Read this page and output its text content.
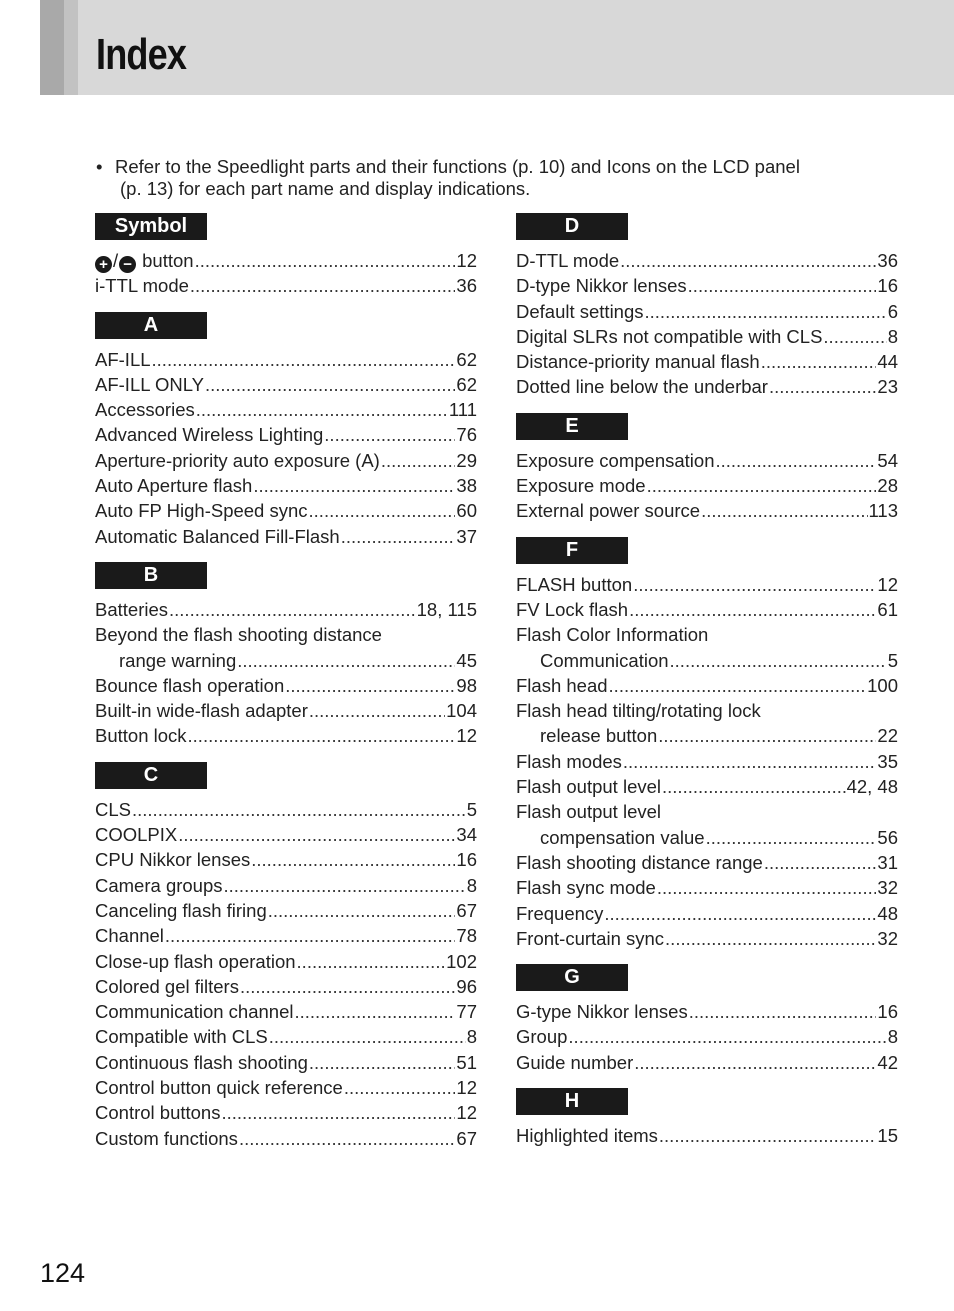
Index
• Refer to the Speedlight parts and their functions (p. 10) and Icons on the LCD panel
(p. 13) for each part name and display indications.
Symbol
+ / − button .....	12
i-TTL mode .....	36
A
AF-ILL .....	62
AF-ILL ONLY .....	62
Accessories .....	111
Advanced Wireless Lighting .....	76
Aperture-priority auto exposure (A) .....	29
Auto Aperture flash .....	38
Auto FP High-Speed sync .....	60
Automatic Balanced Fill-Flash .....	37
B
Batteries .....	18, 115
Beyond the flash shooting distance
range warning .....	45
Bounce flash operation .....	98
Built-in wide-flash adapter .....	104
Button lock .....	12
C
CLS .....	5
COOLPIX .....	34
CPU Nikkor lenses .....	16
Camera groups .....	8
Canceling flash firing .....	67
Channel .....	78
Close-up flash operation .....	102
Colored gel filters .....	96
Communication channel .....	77
Compatible with CLS .....	8
Continuous flash shooting .....	51
Control button quick reference .....	12
Control buttons .....	12
Custom functions .....	67
D
D-TTL mode .....	36
D-type Nikkor lenses .....	16
Default settings .....	6
Digital SLRs not compatible with CLS .....	8
Distance-priority manual flash .....	44
Dotted line below the underbar .....	23
E
Exposure compensation .....	54
Exposure mode .....	28
External power source .....	113
F
FLASH button .....	12
FV Lock flash .....	61
Flash Color Information
Communication .....	5
Flash head .....	100
Flash head tilting/rotating lock
release button .....	22
Flash modes .....	35
Flash output level .....	42, 48
Flash output level
compensation value .....	56
Flash shooting distance range .....	31
Flash sync mode .....	32
Frequency .....	48
Front-curtain sync .....	32
G
G-type Nikkor lenses .....	16
Group .....	8
Guide number .....	42
H
Highlighted items .....	15
124
